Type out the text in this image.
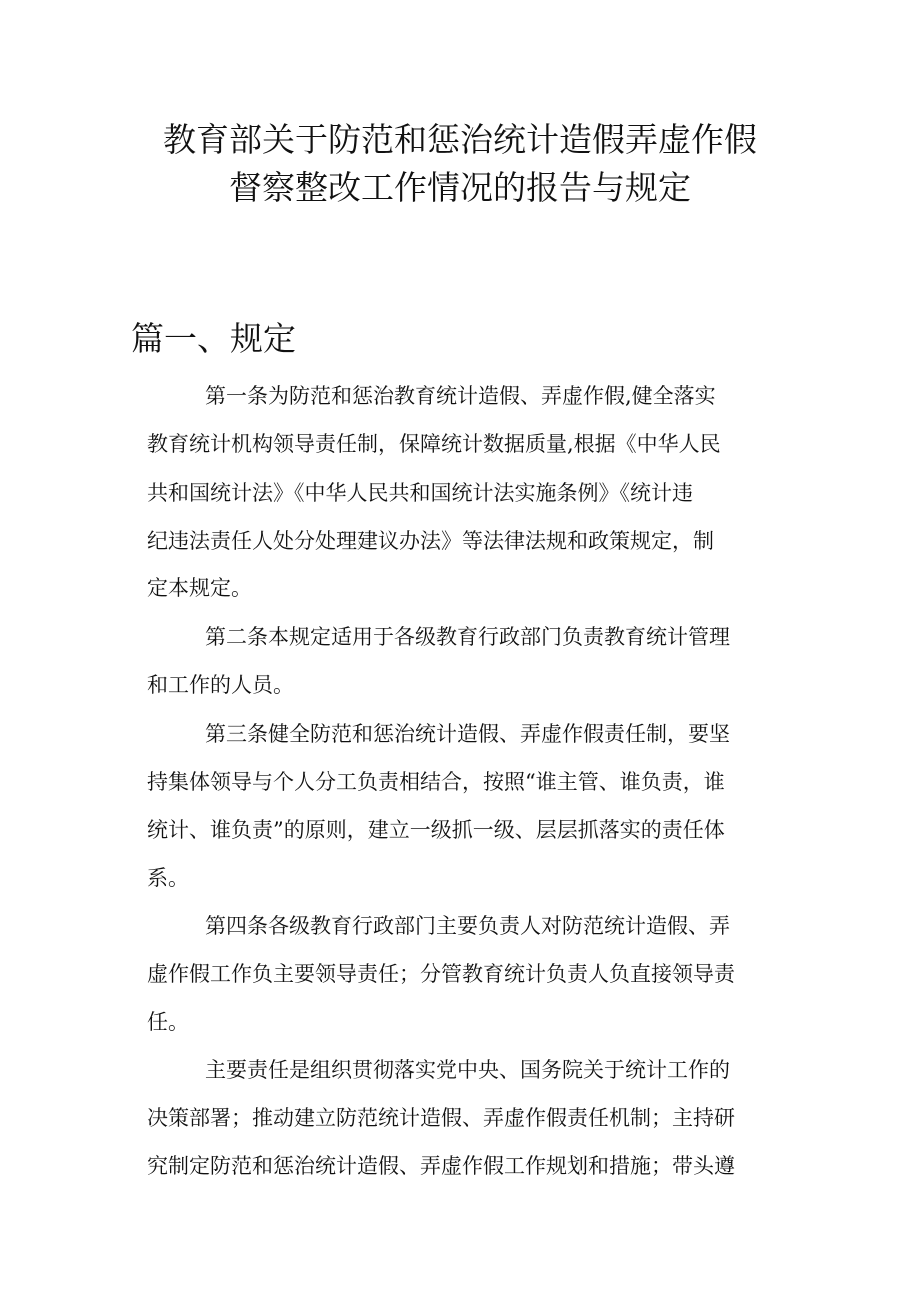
教育部关于防范和惩治统计造假弄虚作假
督察整改工作情况的报告与规定
篇一、规定
第一条为防范和惩治教育统计造假、弄虚作假,健全落实
教育统计机构领导责任制，保障统计数据质量,根据《中华人民
共和国统计法》《中华人民共和国统计法实施条例》《统计违
纪违法责任人处分处理建议办法》等法律法规和政策规定，制
定本规定。
第二条本规定适用于各级教育行政部门负责教育统计管理
和工作的人员。
第三条健全防范和惩治统计造假、弄虚作假责任制，要坚
持集体领导与个人分工负责相结合，按照“谁主管、谁负责，谁
统计、谁负责”的原则，建立一级抓一级、层层抓落实的责任体
系。
第四条各级教育行政部门主要负责人对防范统计造假、弄
虚作假工作负主要领导责任；分管教育统计负责人负直接领导责
任。
主要责任是组织贯彻落实党中央、国务院关于统计工作的
决策部署；推动建立防范统计造假、弄虚作假责任机制；主持研
究制定防范和惩治统计造假、弄虚作假工作规划和措施；带头遵
